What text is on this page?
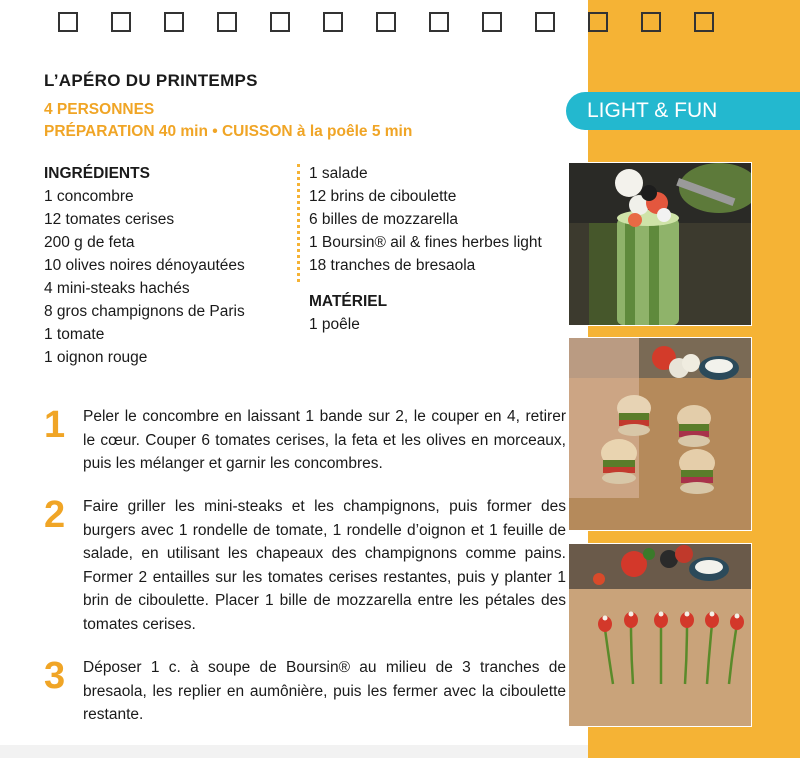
L’APÉRO DU PRINTEMPS
4 PERSONNES
PRÉPARATION 40 min • CUISSON à la poêle 5 min
INGRÉDIENTS
1 concombre
12 tomates cerises
200 g de feta
10 olives noires dénoyautées
4 mini-steaks hachés
8 gros champignons de Paris
1 tomate
1 oignon rouge
1 salade
12 brins de ciboulette
6 billes de mozzarella
1 Boursin® ail & fines herbes light
18 tranches de bresaola
MATÉRIEL
1 poêle
LIGHT & FUN
1 Peler le concombre en laissant 1 bande sur 2, le couper en 4, retirer le cœur. Couper 6 tomates cerises, la feta et les olives en morceaux, puis les mélanger et garnir les concombres.
2 Faire griller les mini-steaks et les champignons, puis former des burgers avec 1 rondelle de tomate, 1 rondelle d’oignon et 1 feuille de salade, en utilisant les chapeaux des champignons comme pains. Former 2 entailles sur les tomates cerises restantes, puis y planter 1 brin de ciboulette. Placer 1 bille de mozzarella entre les pétales des tomates cerises.
3 Déposer 1 c. à soupe de Boursin® au milieu de 3 tranches de bresaola, les replier en aumônière, puis les fermer avec la ciboulette restante.
